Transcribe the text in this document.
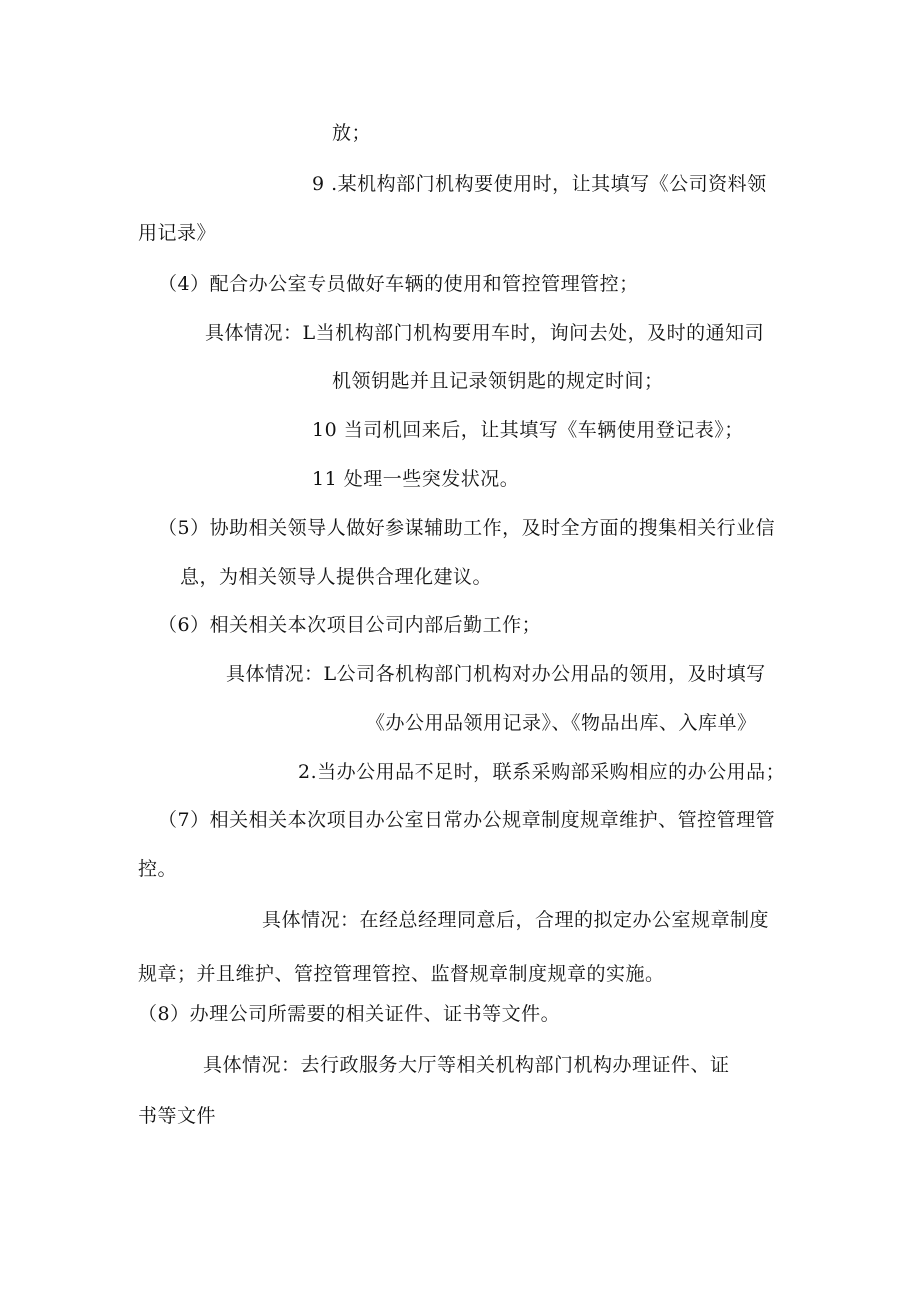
放；
9 .某机构部门机构要使用时，让其填写《公司资料领
用记录》
（4）配合办公室专员做好车辆的使用和管控管理管控；
具体情况：L当机构部门机构要用车时，询问去处，及时的通知司
机领钥匙并且记录领钥匙的规定时间；
10 当司机回来后，让其填写《车辆使用登记表》；
11 处理一些突发状况。
（5）协助相关领导人做好参谋辅助工作，及时全方面的搜集相关行业信
息，为相关领导人提供合理化建议。
（6）相关相关本次项目公司内部后勤工作；
具体情况：L公司各机构部门机构对办公用品的领用，及时填写
《办公用品领用记录》、《物品出库、入库单》
2.当办公用品不足时，联系采购部采购相应的办公用品；
（7）相关相关本次项目办公室日常办公规章制度规章维护、管控管理管
控。
具体情况：在经总经理同意后，合理的拟定办公室规章制度
规章；并且维护、管控管理管控、监督规章制度规章的实施。
（8）办理公司所需要的相关证件、证书等文件。
具体情况：去行政服务大厅等相关机构部门机构办理证件、证
书等文件
